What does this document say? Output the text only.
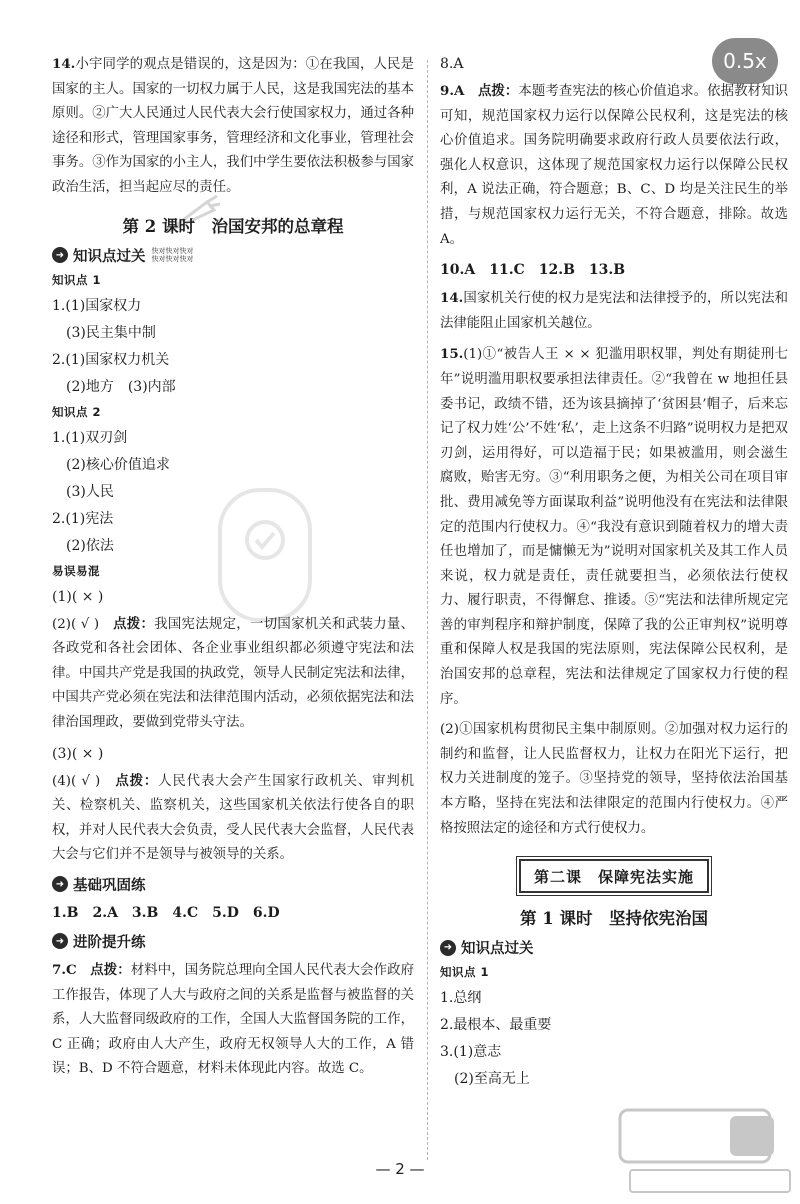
0.5x

14.小宇同学的观点是错误的，这是因为：①在我国，人民是国家的主人。国家的一切权力属于人民，这是我国宪法的基本原则。②广大人民通过人民代表大会行使国家权力，通过各种途径和形式，管理国家事务，管理经济和文化事业，管理社会事务。③作为国家的小主人，我们中学生要依法积极参与国家政治生活，担当起应尽的责任。

第 2 课时　治国安邦的总章程
➜ 知识点过关 快对快对快对
快对快对快对
知识点 1
1.(1)国家权力
(3)民主集中制
2.(1)国家权力机关
(2)地方　(3)内部
知识点 2
1.(1)双刃剑
(2)核心价值追求
(3)人民
2.(1)宪法
(2)依法
易误易混
(1)( × )

(2)( √ )　 点拨：我国宪法规定，一切国家机关和武装力量、各政党和各社会团体、各企业事业组织都必须遵守宪法和法律。中国共产党是我国的执政党，领导人民制定宪法和法律，中国共产党必须在宪法和法律范围内活动，必须依据宪法和法律治国理政，要做到党带头守法。

(3)( × )

(4)( √ )　 点拨：人民代表大会产生国家行政机关、审判机关、检察机关、监察机关，这些国家机关依法行使各自的职权，并对人民代表大会负责，受人民代表大会监督，人民代表大会与它们并不是领导与被领导的关系。

➜ 基础巩固练
1.B　2.A　3.B　4.C　5.D　6.D
➜ 进阶提升练

7.C　 点拨：材料中，国务院总理向全国人民代表大会作政府工作报告，体现了人大与政府之间的关系是监督与被监督的关系，人大监督同级政府的工作，全国人大监督国务院的工作，C 正确；政府由人大产生，政府无权领导人大的工作，A 错误；B、D 不符合题意，材料未体现此内容。故选 C。

8.A

9.A　 点拨：本题考查宪法的核心价值追求。依据教材知识可知，规范国家权力运行以保障公民权利，这是宪法的核心价值追求。国务院明确要求政府行政人员要依法行政，强化人权意识，这体现了规范国家权力运行以保障公民权利，A 说法正确，符合题意；B、C、D 均是关注民生的举措，与规范国家权力运行无关，不符合题意，排除。故选 A。

10.A　11.C　12.B　13.B

14.国家机关行使的权力是宪法和法律授予的，所以宪法和法律能阻止国家机关越位。

15.(1)①“被告人王 × × 犯滥用职权罪，判处有期徒刑七年”说明滥用职权要承担法律责任。②“我曾在 w 地担任县委书记，政绩不错，还为该县摘掉了‘贫困县’帽子，后来忘记了权力姓‘公’不姓‘私’，走上这条不归路”说明权力是把双刃剑，运用得好，可以造福于民；如果被滥用，则会滋生腐败，贻害无穷。③“利用职务之便，为相关公司在项目审批、费用减免等方面谋取利益”说明他没有在宪法和法律限定的范围内行使权力。④“我没有意识到随着权力的增大责任也增加了，而是慵懒无为”说明对国家机关及其工作人员来说，权力就是责任，责任就要担当，必须依法行使权力、履行职责，不得懈怠、推诿。⑤“宪法和法律所规定完善的审判程序和辩护制度，保障了我的公正审判权”说明尊重和保障人权是我国的宪法原则，宪法保障公民权利，是治国安邦的总章程，宪法和法律规定了国家权力行使的程序。

(2)①国家机构贯彻民主集中制原则。②加强对权力运行的制约和监督，让人民监督权力，让权力在阳光下运行，把权力关进制度的笼子。③坚持党的领导，坚持依法治国基本方略，坚持在宪法和法律限定的范围内行使权力。④严格按照法定的途径和方式行使权力。

第二课　保障宪法实施
第 1 课时　坚持依宪治国
➜ 知识点过关
知识点 1
1.总纲
2.最根本、最重要
3.(1)意志
(2)至高无上
— 2 —
